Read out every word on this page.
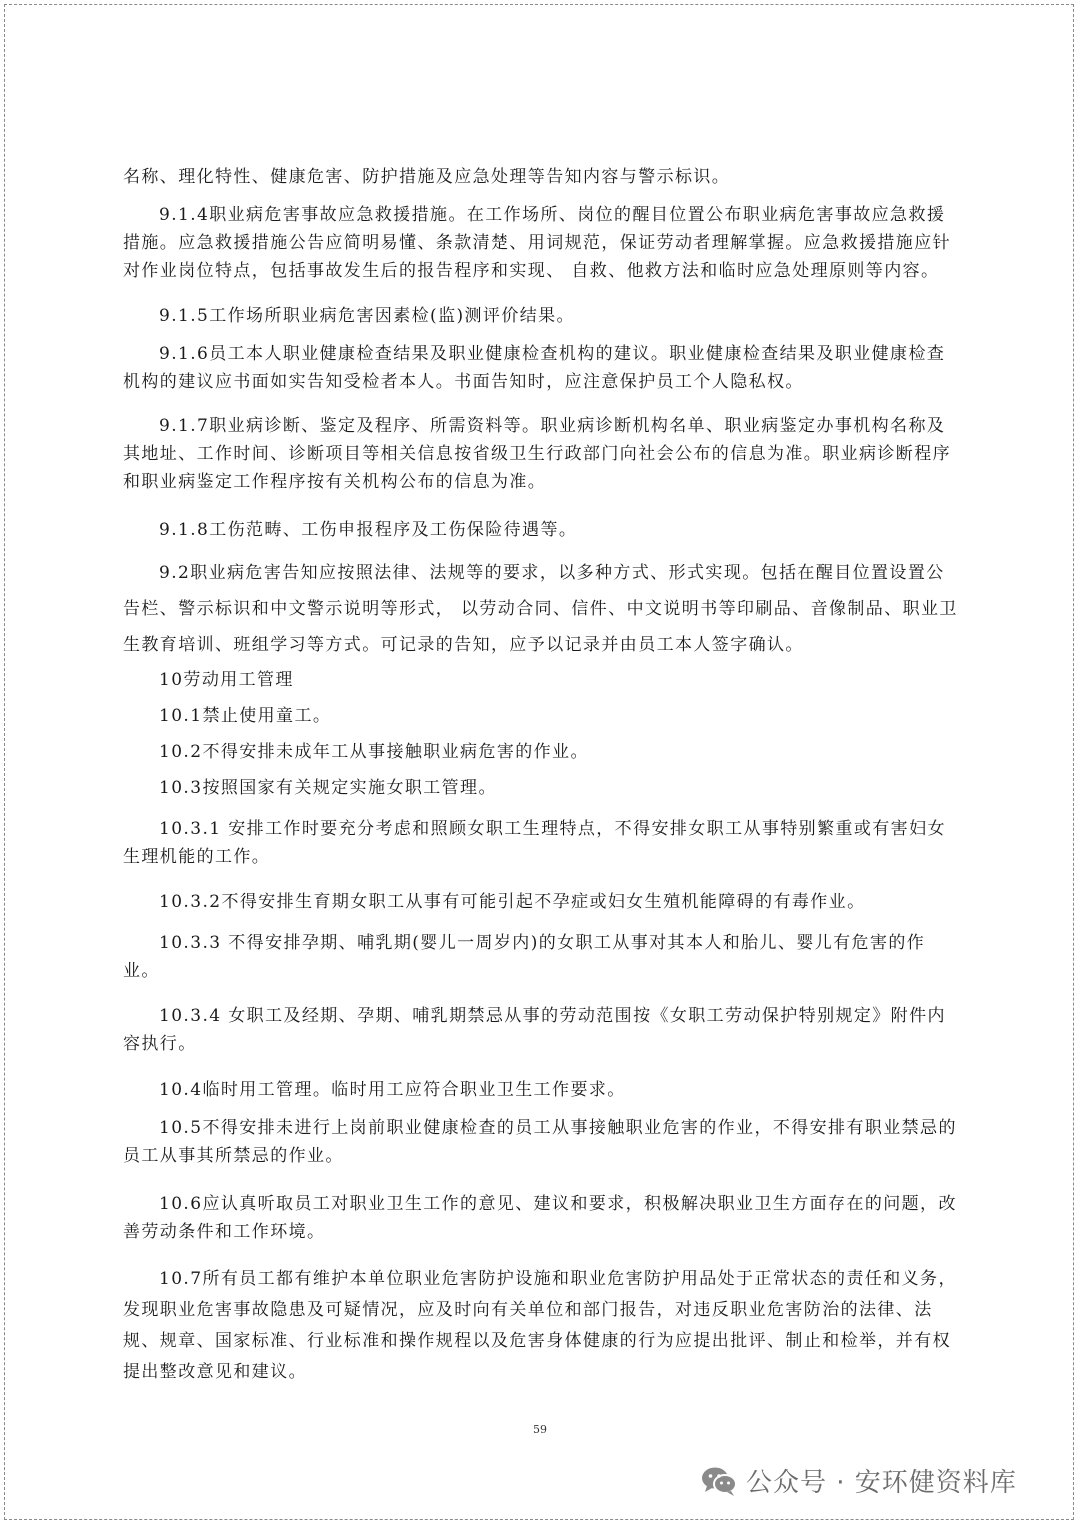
名称、理化特性、健康危害、防护措施及应急处理等告知内容与警示标识。

9.1.4职业病危害事故应急救援措施。在工作场所、岗位的醒目位置公布职业病危害事故应急救援措施。应急救援措施公告应简明易懂、条款清楚、用词规范，保证劳动者理解掌握。应急救援措施应针对作业岗位特点，包括事故发生后的报告程序和实现、 自救、他救方法和临时应急处理原则等内容。

9.1.5工作场所职业病危害因素检(监)测评价结果。

9.1.6员工本人职业健康检查结果及职业健康检查机构的建议。职业健康检查结果及职业健康检查机构的建议应书面如实告知受检者本人。书面告知时，应注意保护员工个人隐私权。

9.1.7职业病诊断、鉴定及程序、所需资料等。职业病诊断机构名单、职业病鉴定办事机构名称及其地址、工作时间、诊断项目等相关信息按省级卫生行政部门向社会公布的信息为准。职业病诊断程序和职业病鉴定工作程序按有关机构公布的信息为准。

9.1.8工伤范畴、工伤申报程序及工伤保险待遇等。

9.2职业病危害告知应按照法律、法规等的要求，以多种方式、形式实现。包括在醒目位置设置公告栏、警示标识和中文警示说明等形式， 以劳动合同、信件、中文说明书等印刷品、音像制品、职业卫生教育培训、班组学习等方式。可记录的告知，应予以记录并由员工本人签字确认。

10劳动用工管理

10.1禁止使用童工。

10.2不得安排未成年工从事接触职业病危害的作业。

10.3按照国家有关规定实施女职工管理。

10.3.1 安排工作时要充分考虑和照顾女职工生理特点，不得安排女职工从事特别繁重或有害妇女生理机能的工作。

10.3.2不得安排生育期女职工从事有可能引起不孕症或妇女生殖机能障碍的有毒作业。

10.3.3 不得安排孕期、哺乳期(婴儿一周岁内)的女职工从事对其本人和胎儿、婴儿有危害的作业。

10.3.4 女职工及经期、孕期、哺乳期禁忌从事的劳动范围按《女职工劳动保护特别规定》附件内容执行。

10.4临时用工管理。临时用工应符合职业卫生工作要求。

10.5不得安排未进行上岗前职业健康检查的员工从事接触职业危害的作业，不得安排有职业禁忌的员工从事其所禁忌的作业。

10.6应认真听取员工对职业卫生工作的意见、建议和要求，积极解决职业卫生方面存在的问题，改善劳动条件和工作环境。

10.7所有员工都有维护本单位职业危害防护设施和职业危害防护用品处于正常状态的责任和义务，发现职业危害事故隐患及可疑情况，应及时向有关单位和部门报告，对违反职业危害防治的法律、法规、规章、国家标准、行业标准和操作规程以及危害身体健康的行为应提出批评、制止和检举，并有权提出整改意见和建议。

59
公众号 · 安环健资料库
